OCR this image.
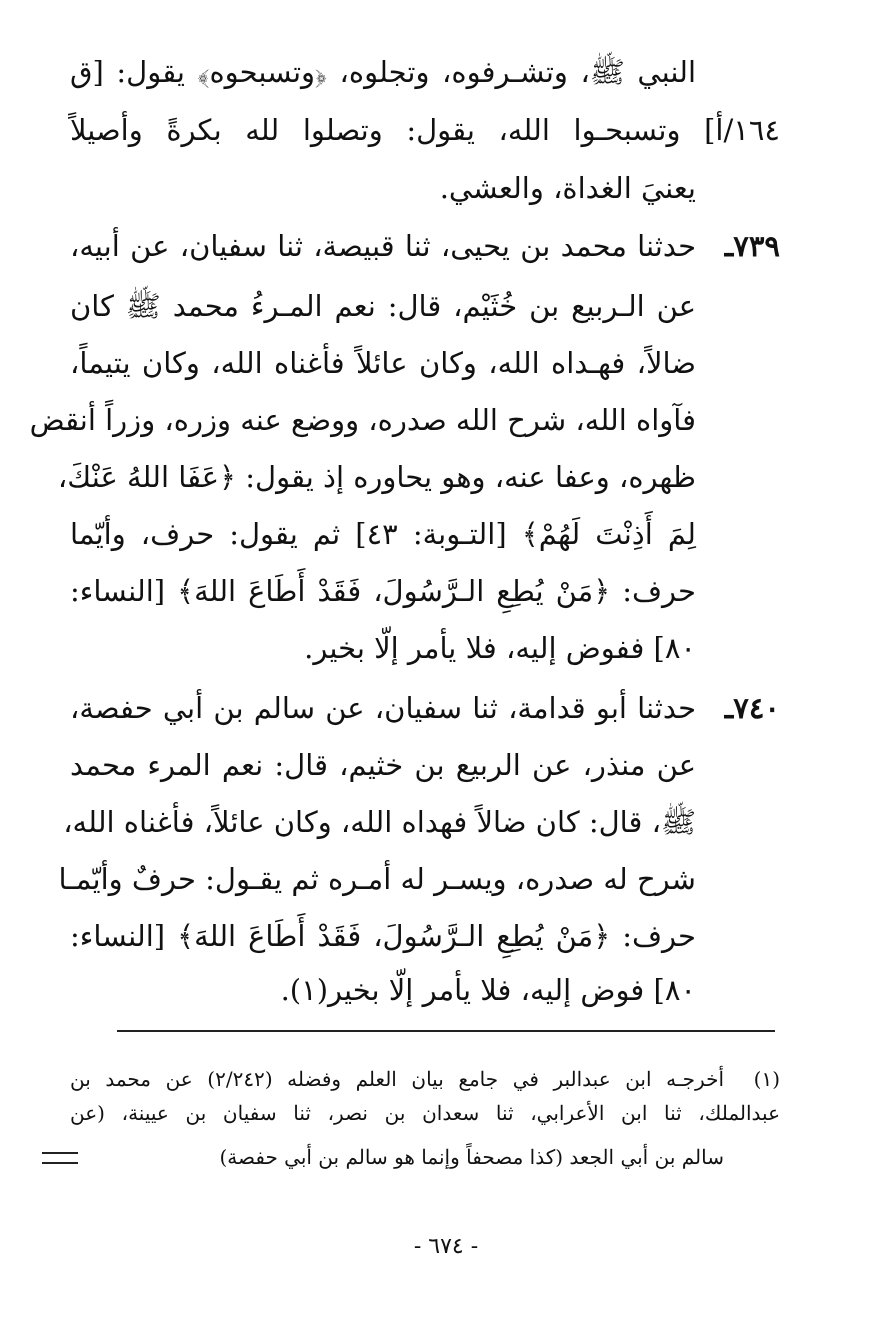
النبي ﷺ، وتشـرفوه، وتجلوه، ﴿وتسبحوه﴾ يقول: [ق
١٦٤/أ] وتسبحـوا الله، يقول: وتصلوا لله بكرةً وأصيلاً
يعنيَ الغداة، والعشي.
٧٣٩ـ
حدثنا محمد بن يحيى، ثنا قبيصة، ثنا سفيان، عن أبيه،
عن الـربيع بن خُثَيْم، قال: نعم المـرءُ محمد ﷺ كان
ضالاً، فهـداه الله، وكان عائلاً فأغناه الله، وكان يتيماً،
فآواه الله، شرح الله صدره، ووضع عنه وزره، وزراً أنقض
ظهره، وعفا عنه، وهو يحاوره إذ يقول: ﴿عَفَا اللهُ عَنْكَ،
لِمَ أَذِنْتَ لَهُمْ﴾ [التـوبة: ٤٣] ثم يقول: حرف، وأيّما
حرف: ﴿مَنْ يُطِعِ الـرَّسُولَ، فَقَدْ أَطَاعَ اللهَ﴾ [النساء:
٨٠] ففوض إليه، فلا يأمر إلّا بخير.
٧٤٠ـ
حدثنا أبو قدامة، ثنا سفيان، عن سالم بن أبي حفصة،
عن منذر، عن الربيع بن خثيم، قال: نعم المرء محمد
ﷺ، قال: كان ضالاً فهداه الله، وكان عائلاً، فأغناه الله،
شرح له صدره، ويسـر له أمـره ثم يقـول: حرفٌ وأيّمـا
حرف: ﴿مَنْ يُطِعِ الـرَّسُولَ، فَقَدْ أَطَاعَ اللهَ﴾ [النساء:
٨٠] فوض إليه، فلا يأمر إلّا بخير(١).
(١)
أخرجـه ابن عبدالبر في جامع بيان العلم وفضله (٢/٢٤٢) عن محمد بن
عبدالملك، ثنا ابن الأعرابي، ثنا سعدان بن نصر، ثنا سفيان بن عيينة، (عن
سالم بن أبي الجعد (كذا مصحفاً وإنما هو سالم بن أبي حفصة)
- ٦٧٤ -
